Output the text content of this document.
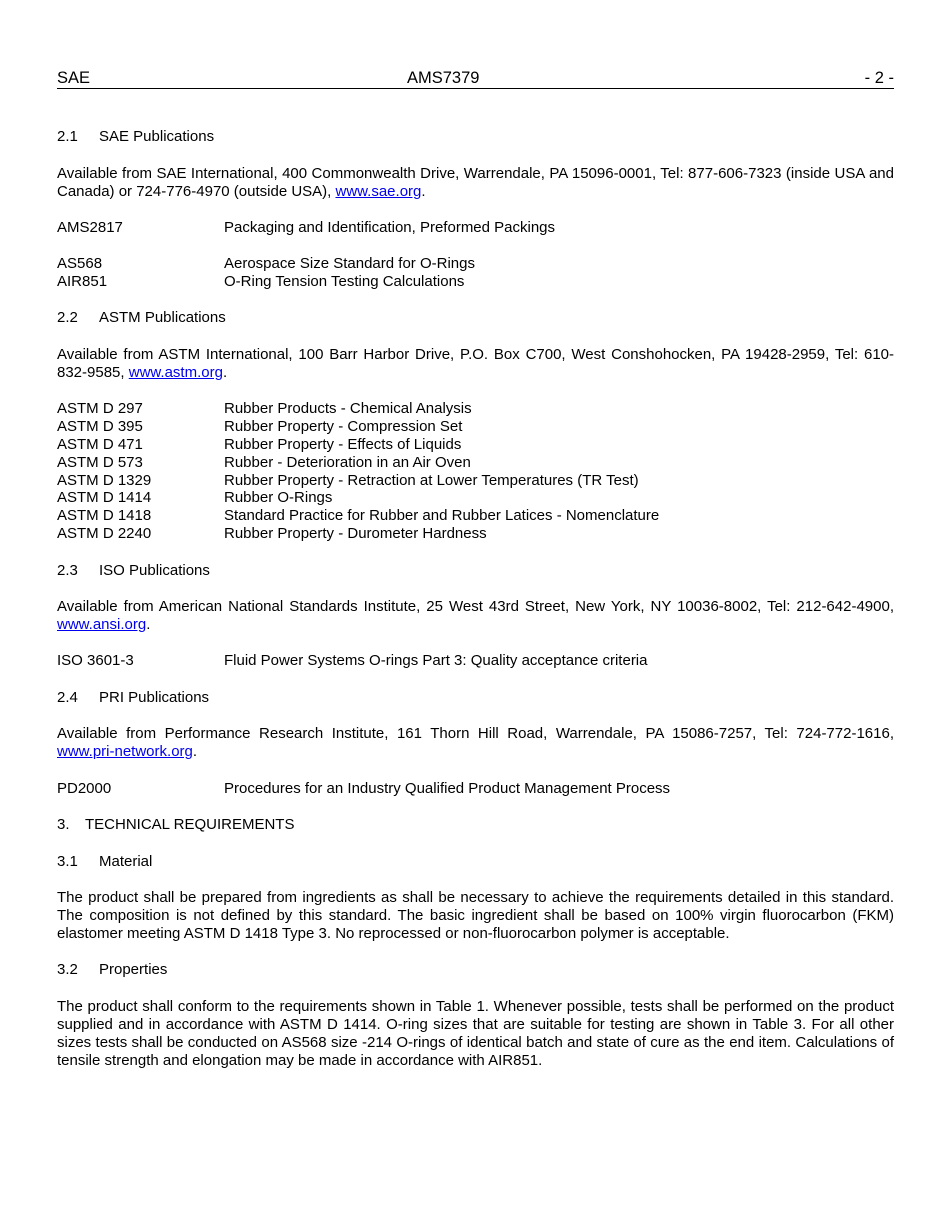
SAE	AMS7379	- 2 -
2.1 SAE Publications
Available from SAE International, 400 Commonwealth Drive, Warrendale, PA 15096-0001, Tel: 877-606-7323 (inside USA and Canada) or 724-776-4970 (outside USA), www.sae.org.
AMS2817	Packaging and Identification, Preformed Packings
AS568	Aerospace Size Standard for O-Rings
AIR851	O-Ring Tension Testing Calculations
2.2 ASTM Publications
Available from ASTM International, 100 Barr Harbor Drive, P.O. Box C700, West Conshohocken, PA 19428-2959, Tel: 610-832-9585, www.astm.org.
ASTM D 297	Rubber Products - Chemical Analysis
ASTM D 395	Rubber Property - Compression Set
ASTM D 471	Rubber Property - Effects of Liquids
ASTM D 573	Rubber - Deterioration in an Air Oven
ASTM D 1329	Rubber Property - Retraction at Lower Temperatures (TR Test)
ASTM D 1414	Rubber O-Rings
ASTM D 1418	Standard Practice for Rubber and Rubber Latices - Nomenclature
ASTM D 2240	Rubber Property - Durometer Hardness
2.3 ISO Publications
Available from American National Standards Institute, 25 West 43rd Street, New York, NY 10036-8002, Tel: 212-642-4900, www.ansi.org.
ISO 3601-3	Fluid Power Systems O-rings Part 3: Quality acceptance criteria
2.4 PRI Publications
Available from Performance Research Institute, 161 Thorn Hill Road, Warrendale, PA 15086-7257, Tel: 724-772-1616, www.pri-network.org.
PD2000	Procedures for an Industry Qualified Product Management Process
3. TECHNICAL REQUIREMENTS
3.1 Material
The product shall be prepared from ingredients as shall be necessary to achieve the requirements detailed in this standard. The composition is not defined by this standard. The basic ingredient shall be based on 100% virgin fluorocarbon (FKM) elastomer meeting ASTM D 1418 Type 3. No reprocessed or non-fluorocarbon polymer is acceptable.
3.2 Properties
The product shall conform to the requirements shown in Table 1. Whenever possible, tests shall be performed on the product supplied and in accordance with ASTM D 1414. O-ring sizes that are suitable for testing are shown in Table 3. For all other sizes tests shall be conducted on AS568 size -214 O-rings of identical batch and state of cure as the end item. Calculations of tensile strength and elongation may be made in accordance with AIR851.
